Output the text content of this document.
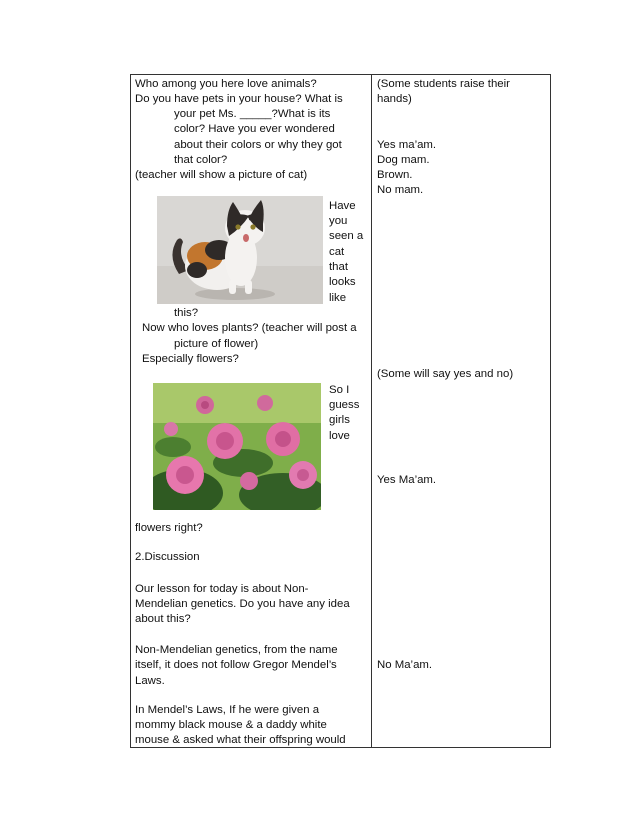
Who among you here love animals?
Do you have pets in your house? What is
your pet Ms. _____?What is its
color? Have you ever wondered
about their colors or why they got
that color?
(teacher will show a picture of cat)
Have
you
seen a
cat
that
looks
like
this?
Now who loves plants? (teacher will post a
picture of flower)
Especially flowers?
So I
guess
girls
love
flowers right?
2.Discussion
Our lesson for today is about Non-
Mendelian genetics. Do you have any idea
about this?
Non-Mendelian genetics, from the name
itself, it does not follow Gregor Mendel’s
Laws.
In Mendel’s Laws, If he were given a
mommy black mouse & a daddy white
mouse & asked what their offspring would
(Some students raise their
hands)
Yes ma’am.
Dog mam.
Brown.
No mam.
(Some will say yes and no)
Yes Ma’am.
No Ma’am.
